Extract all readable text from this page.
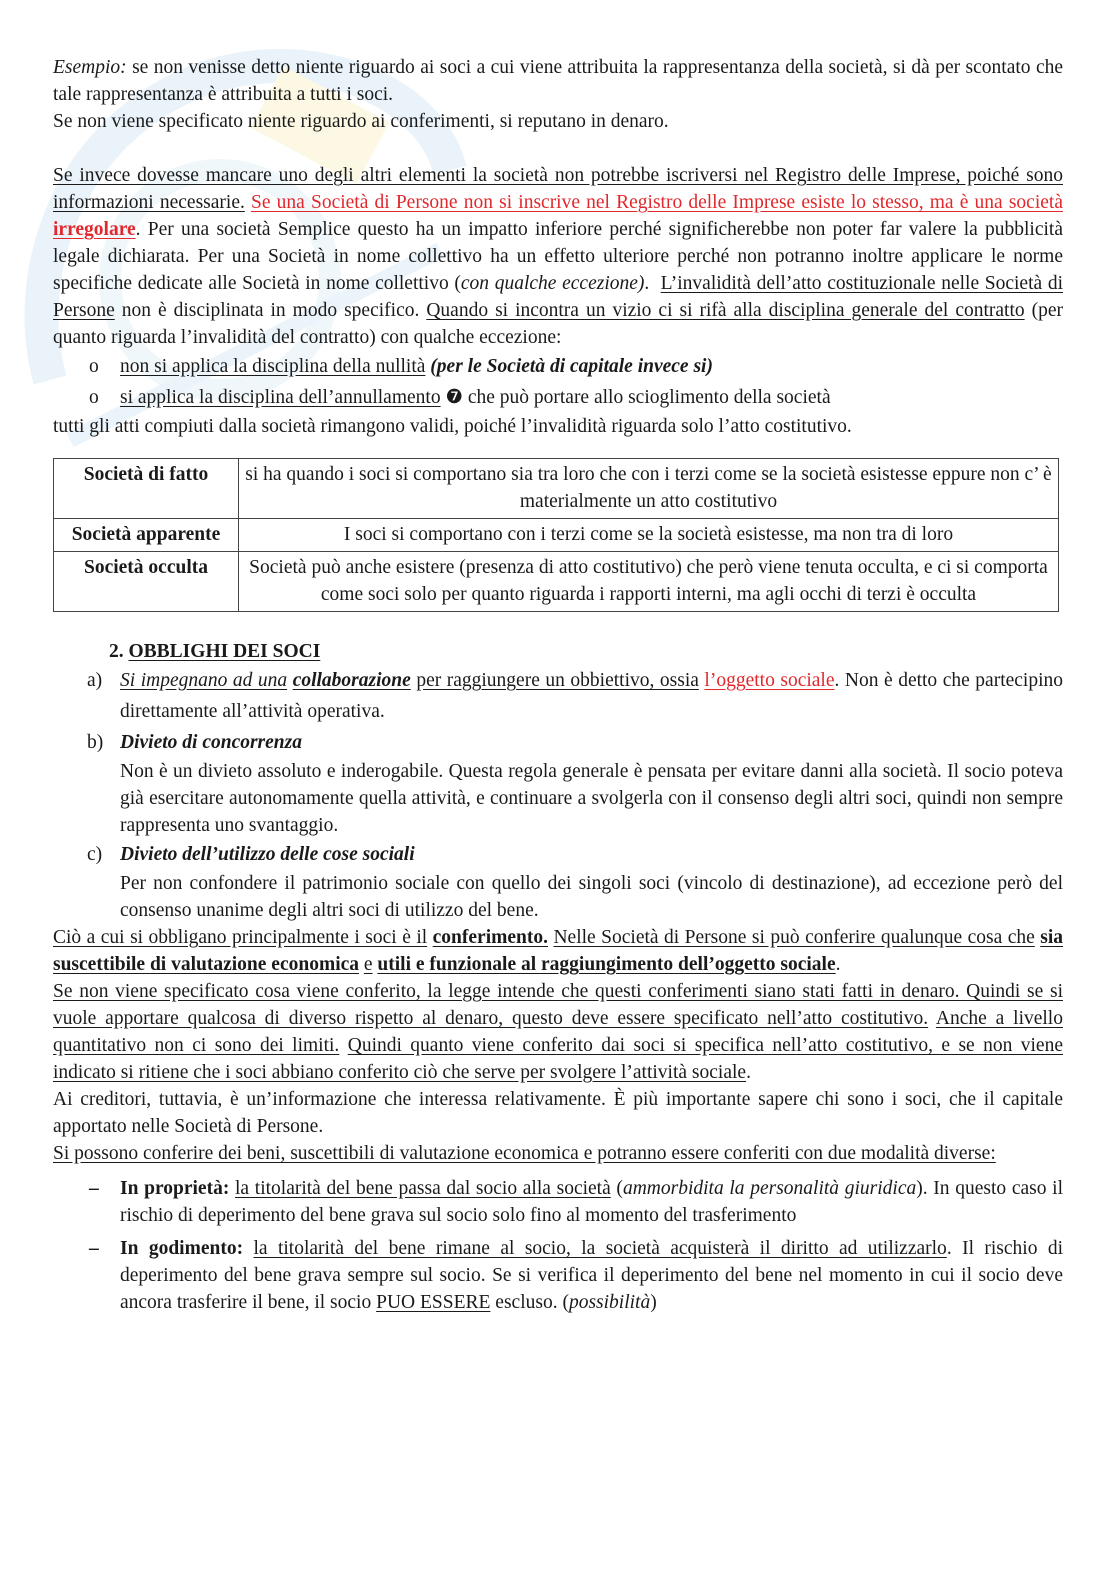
Esempio: se non venisse detto niente riguardo ai soci a cui viene attribuita la rappresentanza della società, si dà per scontato che tale rappresentanza è attribuita a tutti i soci.

Se non viene specificato niente riguardo ai conferimenti, si reputano in denaro.

Se invece dovesse mancare uno degli altri elementi la società non potrebbe iscriversi nel Registro delle Imprese, poiché sono informazioni necessarie. Se una Società di Persone non si inscrive nel Registro delle Imprese esiste lo stesso, ma è una società irregolare. Per una società Semplice questo ha un impatto inferiore perché significherebbe non poter far valere la pubblicità legale dichiarata. Per una Società in nome collettivo ha un effetto ulteriore perché non potranno inoltre applicare le norme specifiche dedicate alle Società in nome collettivo (con qualche eccezione).  L’invalidità dell’atto costituzionale nelle Società di Persone non è disciplinata in modo specifico. Quando si incontra un vizio ci si rifà alla disciplina generale del contratto (per quanto riguarda l’invalidità del contratto) con qualche eccezione:

o non si applica la disciplina della nullità (per le Società di capitale invece si)
o si applica la disciplina dell’annullamento ❼ che può portare allo scioglimento della società

tutti gli atti compiuti dalla società rimangono validi, poiché l’invalidità riguarda solo l’atto costitutivo.

Società di fatto	si ha quando i soci si comportano sia tra loro che con i terzi come se la società esistesse eppure non c’ è materialmente un atto costitutivo
Società apparente	I soci si comportano con i terzi come se la società esistesse, ma non tra di loro
Società occulta	Società può anche esistere (presenza di atto costitutivo) che però viene tenuta occulta, e ci si comporta come soci solo per quanto riguarda i rapporti interni, ma agli occhi di terzi è occulta

2. OBBLIGHI DEI SOCI

a) Si impegnano ad una collaborazione per raggiungere un obbiettivo, ossia l’oggetto sociale. Non è detto che partecipino direttamente all’attività operativa.
b) Divieto di concorrenza

Non è un divieto assoluto e inderogabile. Questa regola generale è pensata per evitare danni alla società. Il socio poteva già esercitare autonomamente quella attività, e continuare a svolgerla con il consenso degli altri soci, quindi non sempre rappresenta uno svantaggio.

c) Divieto dell’utilizzo delle cose sociali

Per non confondere il patrimonio sociale con quello dei singoli soci (vincolo di destinazione), ad eccezione però del consenso unanime degli altri soci di utilizzo del bene.

Ciò a cui si obbligano principalmente i soci è il conferimento. Nelle Società di Persone si può conferire qualunque cosa che sia suscettibile di valutazione economica e utili e funzionale al raggiungimento dell’oggetto sociale.

Se non viene specificato cosa viene conferito, la legge intende che questi conferimenti siano stati fatti in denaro. Quindi se si vuole apportare qualcosa di diverso rispetto al denaro, questo deve essere specificato nell’atto costitutivo. Anche a livello quantitativo non ci sono dei limiti. Quindi quanto viene conferito dai soci si specifica nell’atto costitutivo, e se non viene indicato si ritiene che i soci abbiano conferito ciò che serve per svolgere l’attività sociale.

Ai creditori, tuttavia, è un’informazione che interessa relativamente. È più importante sapere chi sono i soci, che il capitale apportato nelle Società di Persone.

Si possono conferire dei beni, suscettibili di valutazione economica e potranno essere conferiti con due modalità diverse:

– In proprietà: la titolarità del bene passa dal socio alla società (ammorbidita la personalità giuridica). In questo caso il rischio di deperimento del bene grava sul socio solo fino al momento del trasferimento
– In godimento: la titolarità del bene rimane al socio, la società acquisterà il diritto ad utilizzarlo. Il rischio di deperimento del bene grava sempre sul socio. Se si verifica il deperimento del bene nel momento in cui il socio deve ancora trasferire il bene, il socio PUO ESSERE escluso. (possibilità)
